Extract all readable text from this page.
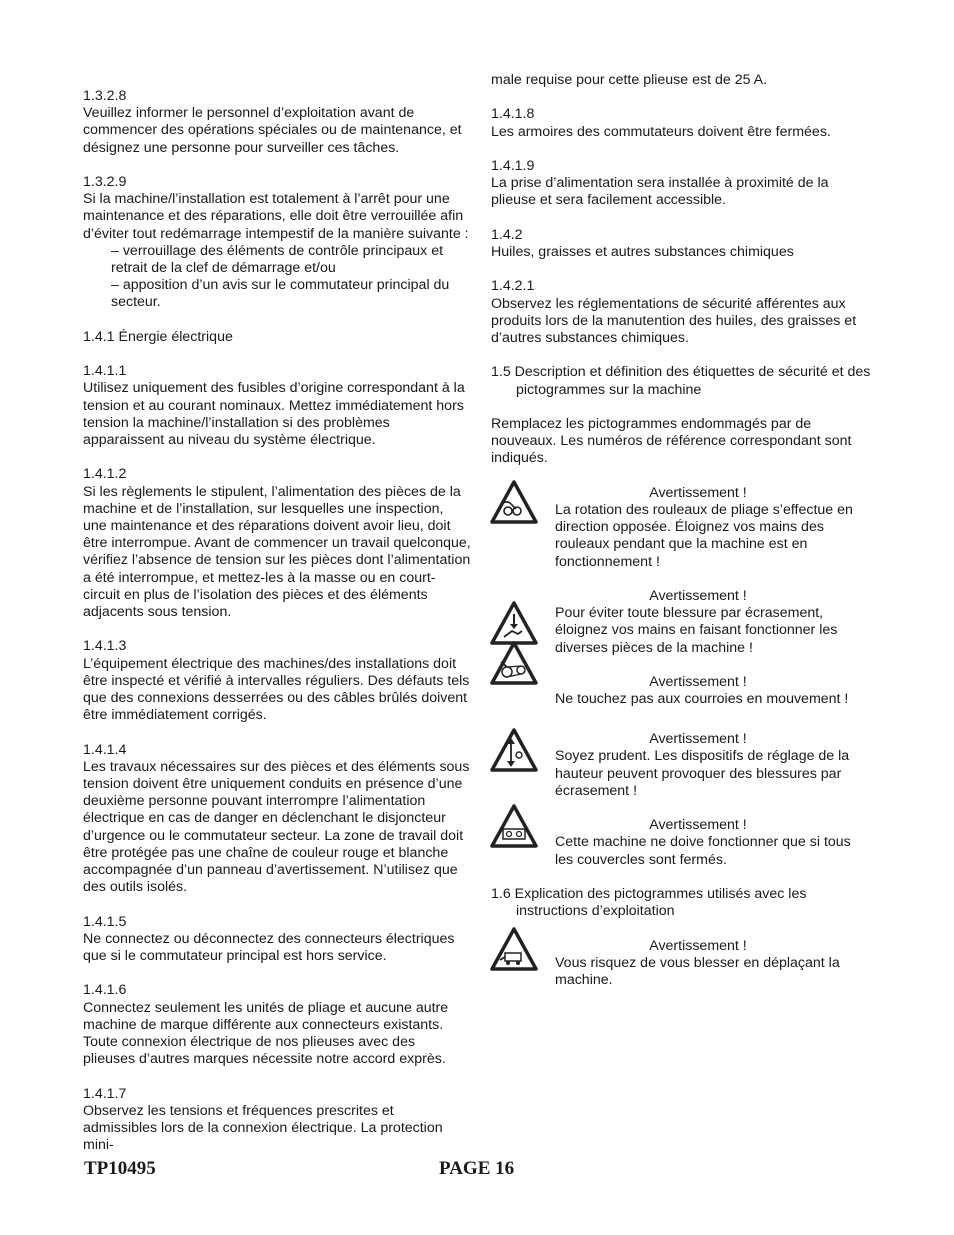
1.3.2.8
Veuillez informer le personnel d’exploitation avant de commencer des opérations spéciales ou de maintenance, et désignez une personne pour surveiller ces tâches.
1.3.2.9
Si la machine/l’installation est totalement à l’arrêt pour une maintenance et des réparations, elle doit être verrouillée afin d’éviter tout redémarrage intempestif de la manière suivante :
– verrouillage des éléments de contrôle principaux et retrait de la clef de démarrage et/ou
– apposition d’un avis sur le commutateur principal du secteur.
1.4.1 Énergie électrique
1.4.1.1
Utilisez uniquement des fusibles d’origine correspondant à la tension et au courant nominaux. Mettez immédiatement hors tension la machine/l’installation si des problèmes apparaissent au niveau du système électrique.
1.4.1.2
Si les règlements le stipulent, l’alimentation des pièces de la machine et de l’installation, sur lesquelles une inspection, une maintenance et des réparations doivent avoir lieu, doit être interrompue. Avant de commencer un travail quelconque, vérifiez l’absence de tension sur les pièces dont l’alimentation a été interrompue, et mettez-les à la masse ou en court-circuit en plus de l’isolation des pièces et des éléments adjacents sous tension.
1.4.1.3
L’équipement électrique des machines/des installations doit être inspecté et vérifié à intervalles réguliers. Des défauts tels que des connexions desserrées ou des câbles brûlés doivent être immédiatement corrigés.
1.4.1.4
Les travaux nécessaires sur des pièces et des éléments sous tension doivent être uniquement conduits en présence d’une deuxième personne pouvant interrompre l’alimentation électrique en cas de danger en déclenchant le disjoncteur d’urgence ou le commutateur secteur. La zone de travail doit être protégée pas une chaîne de couleur rouge et blanche accompagnée d’un panneau d’avertissement. N’utilisez que des outils isolés.
1.4.1.5
Ne connectez ou déconnectez des connecteurs électriques que si le commutateur principal est hors service.
1.4.1.6
Connectez seulement les unités de pliage et aucune autre machine de marque différente aux connecteurs existants. Toute connexion électrique de nos plieuses avec des plieuses d’autres marques nécessite notre accord exprès.
1.4.1.7
Observez les tensions et fréquences prescrites et admissibles lors de la connexion électrique. La protection mini-
male requise pour cette plieuse est de 25 A.
1.4.1.8
Les armoires des commutateurs doivent être fermées.
1.4.1.9
La prise d’alimentation sera installée à proximité de la plieuse et sera facilement accessible.
1.4.2
Huiles, graisses et autres substances chimiques
1.4.2.1
Observez les réglementations de sécurité afférentes aux produits lors de la manutention des huiles, des graisses et d’autres substances chimiques.
1.5 Description et définition des étiquettes de sécurité et des pictogrammes sur la machine
Remplacez les pictogrammes endommagés par de nouveaux. Les numéros de référence correspondant sont indiqués.
Avertissement !
La rotation des rouleaux de pliage s’effectue en direction opposée. Éloignez vos mains des rouleaux pendant que la machine est en fonctionnement !
Avertissement !
Pour éviter toute blessure par écrasement, éloignez vos mains en faisant fonctionner les diverses pièces de la machine !
Avertissement !
Ne touchez pas aux courroies en mouvement !
Avertissement !
Soyez prudent. Les dispositifs de réglage de la hauteur peuvent provoquer des blessures par écrasement !
Avertissement !
Cette machine ne doive fonctionner que si tous les couvercles sont fermés.
1.6 Explication des pictogrammes utilisés avec les instructions d’exploitation
Avertissement !
Vous risquez de vous blesser en déplaçant la machine.
TP10495	PAGE 16
